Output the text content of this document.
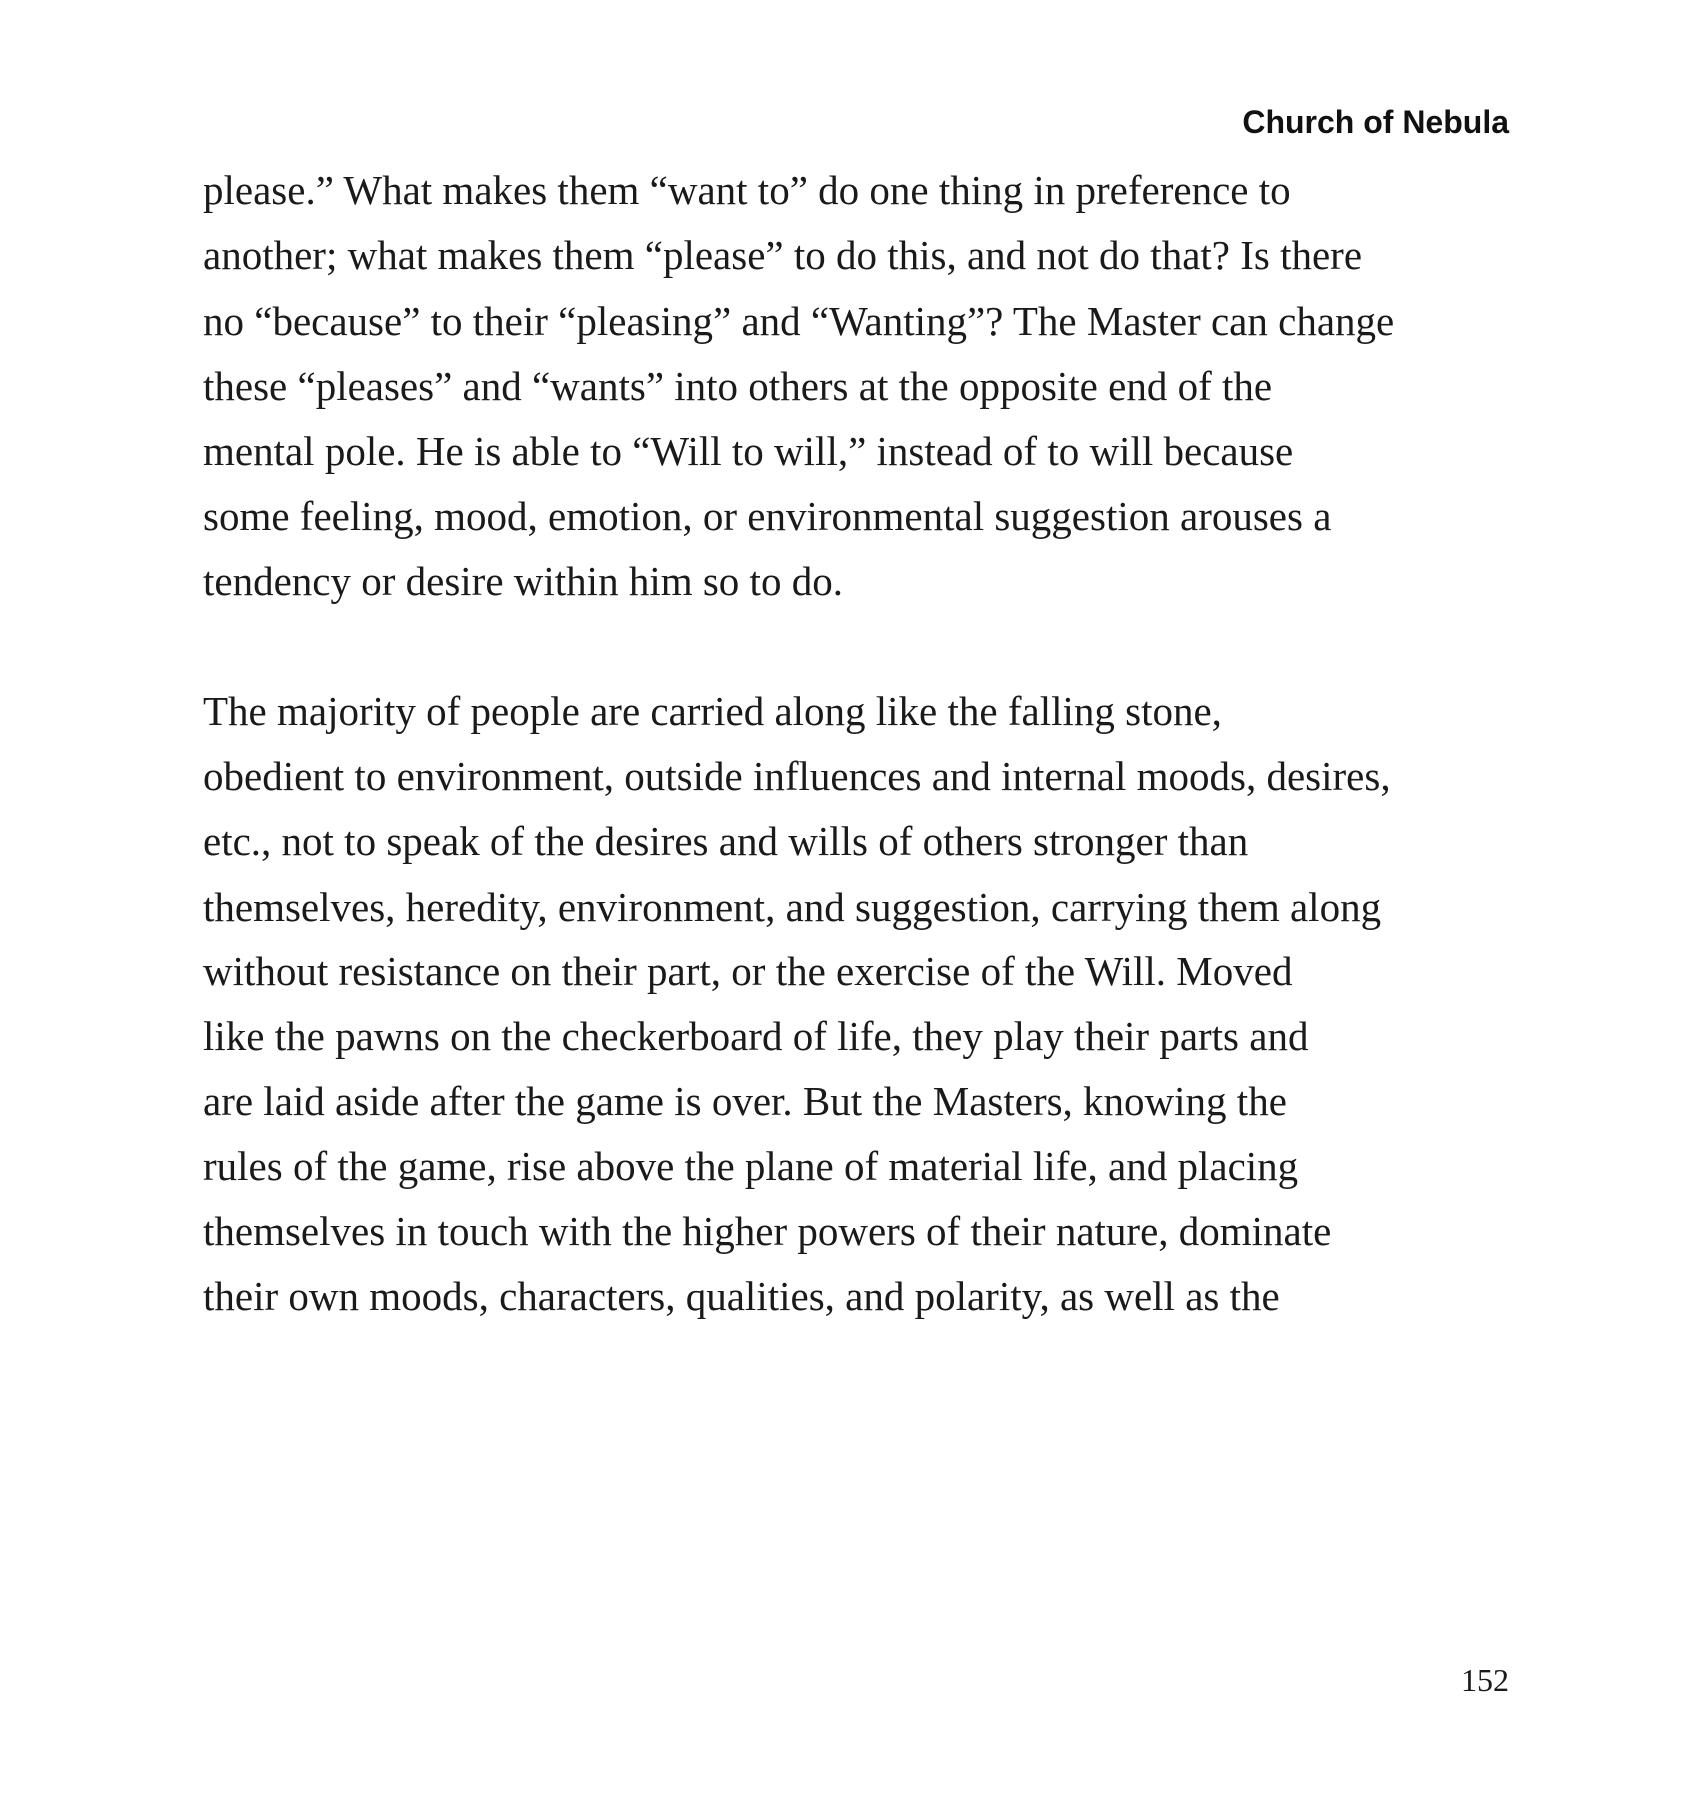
Church of Nebula
please.” What makes them “want to” do one thing in preference to
another; what makes them “please” to do this, and not do that? Is there
no “because” to their “pleasing” and “Wanting”? The Master can change
these “pleases” and “wants” into others at the opposite end of the
mental pole. He is able to “Will to will,” instead of to will because
some feeling, mood, emotion, or environmental suggestion arouses a
tendency or desire within him so to do.
The majority of people are carried along like the falling stone,
obedient to environment, outside influences and internal moods, desires,
etc., not to speak of the desires and wills of others stronger than
themselves, heredity, environment, and suggestion, carrying them along
without resistance on their part, or the exercise of the Will. Moved
like the pawns on the checkerboard of life, they play their parts and
are laid aside after the game is over. But the Masters, knowing the
rules of the game, rise above the plane of material life, and placing
themselves in touch with the higher powers of their nature, dominate
their own moods, characters, qualities, and polarity, as well as the
152
